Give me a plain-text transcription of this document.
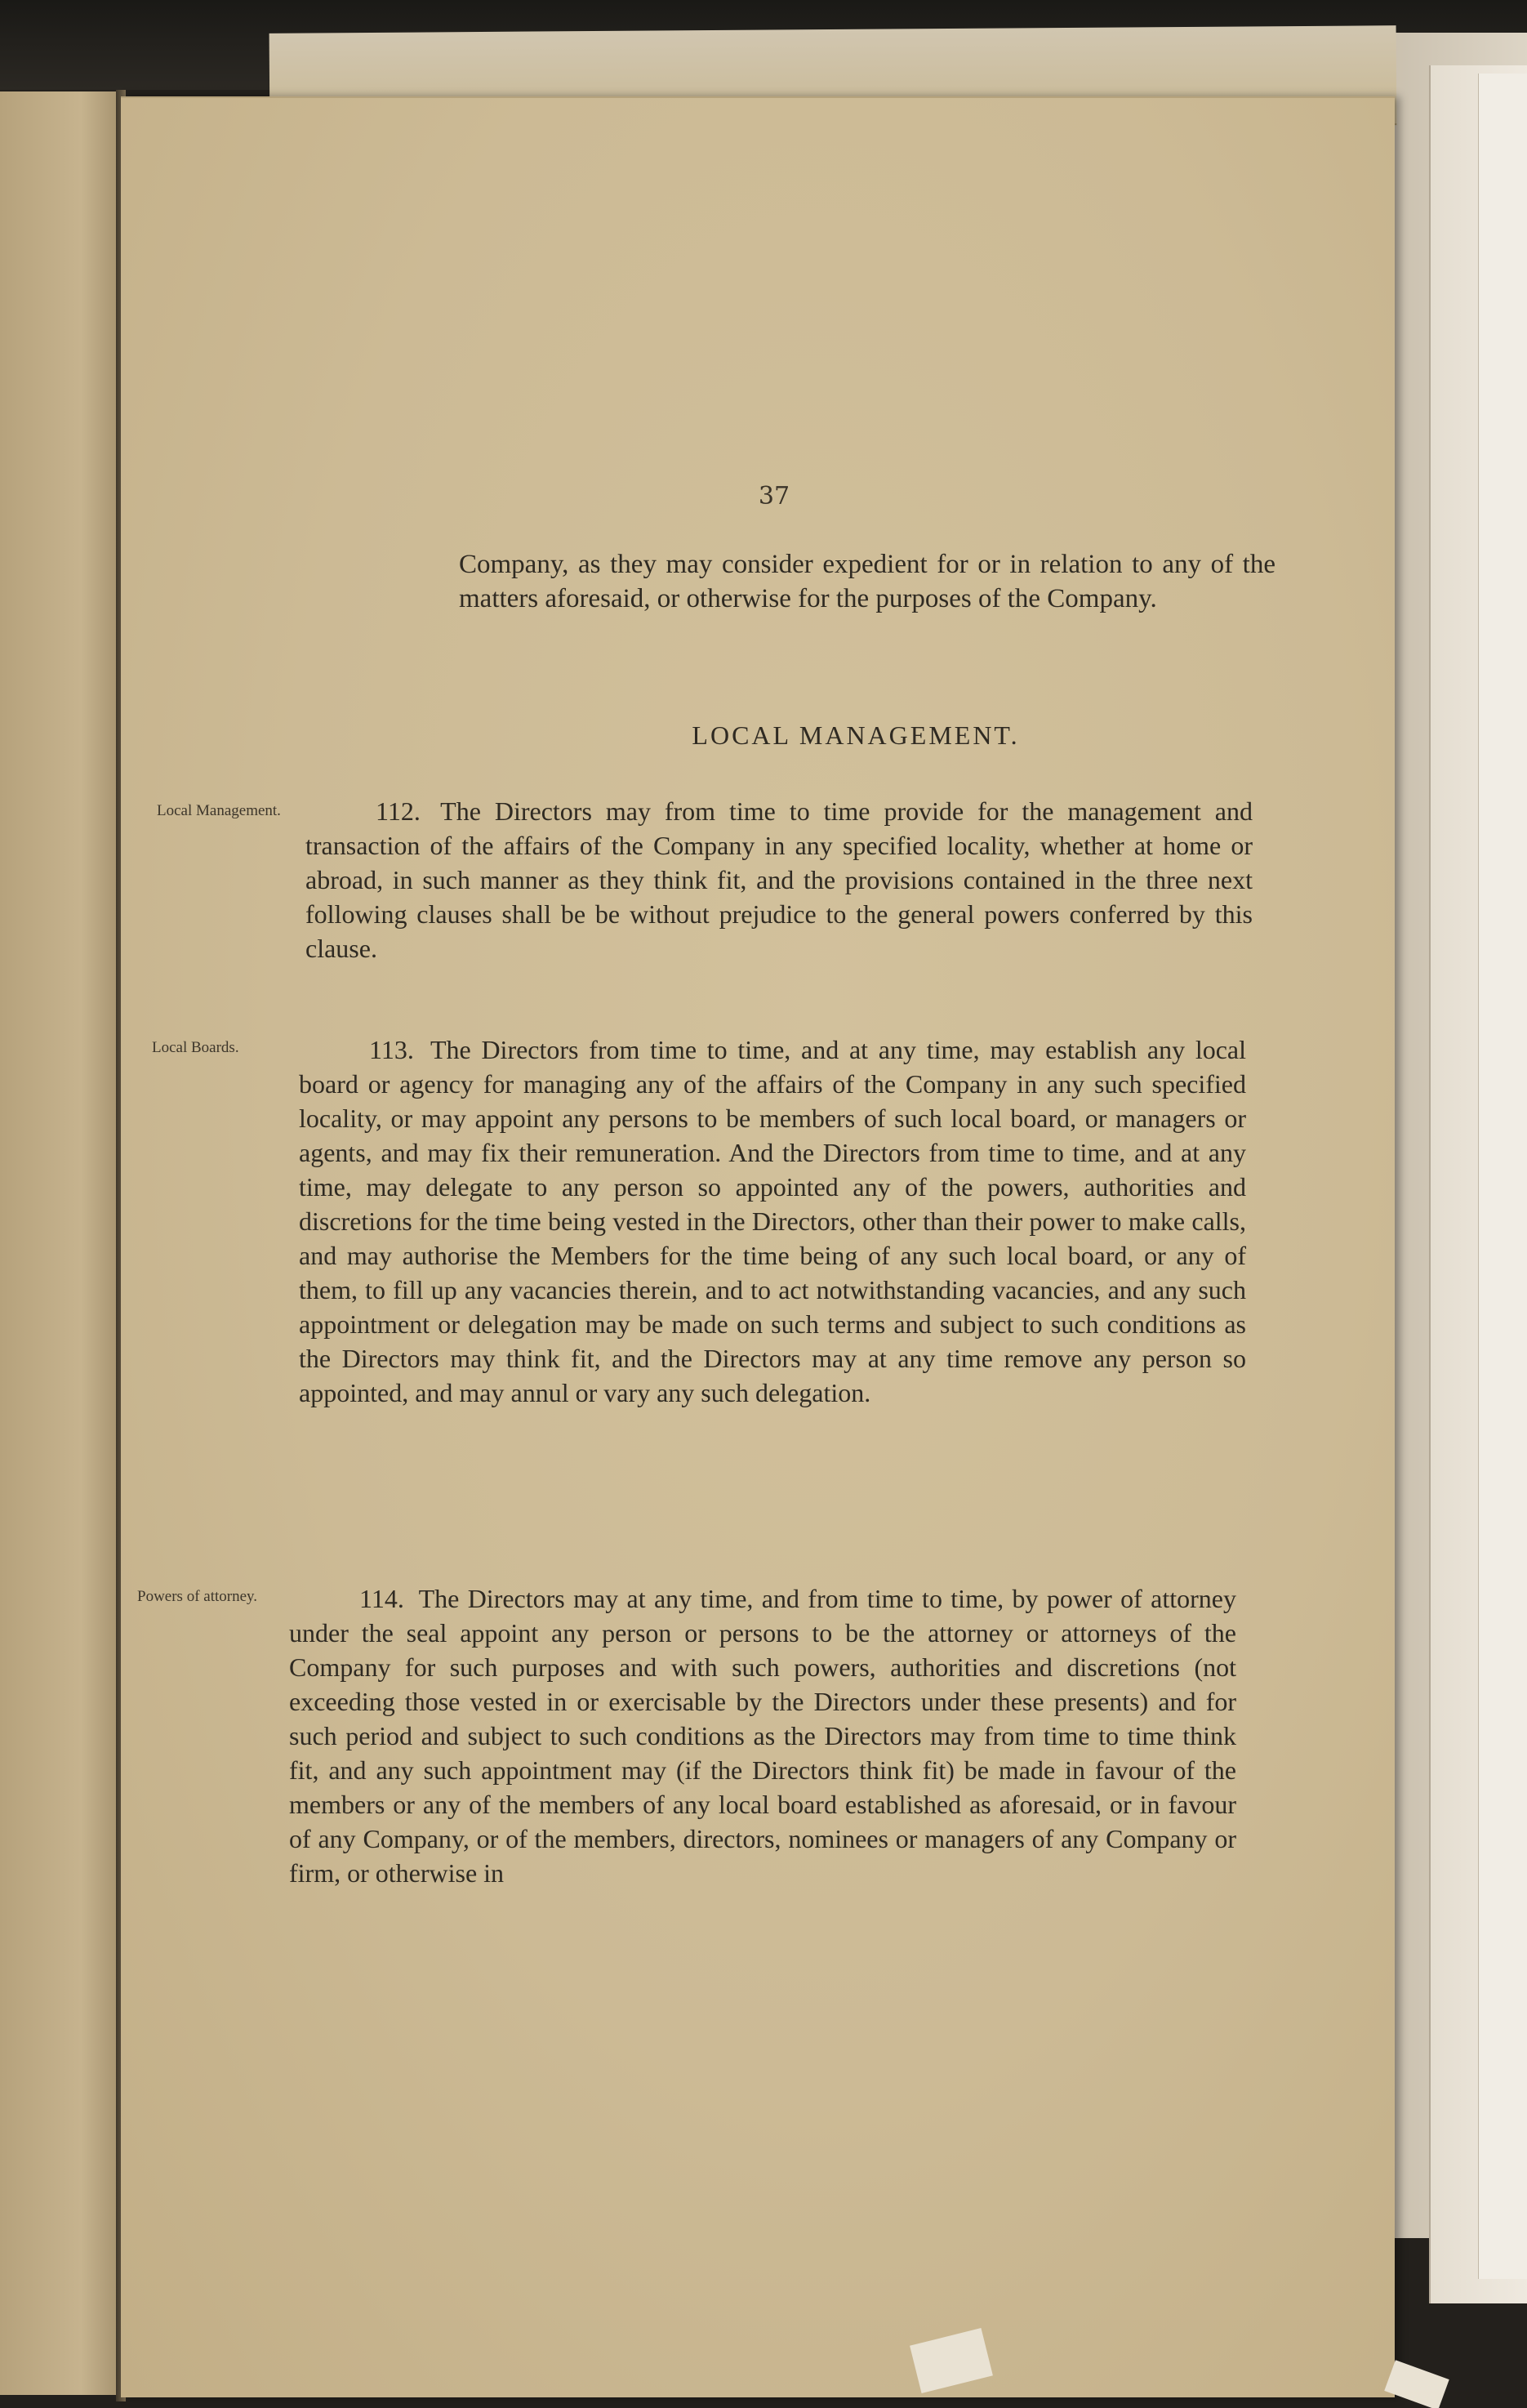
37
Company, as they may consider expedient for or in relation to any of the matters aforesaid, or otherwise for the purposes of the Company.
LOCAL MANAGEMENT.
Local Management.	112. The Directors may from time to time provide for the management and transaction of the affairs of the Company in any specified locality, whether at home or abroad, in such manner as they think fit, and the provisions contained in the three next following clauses shall be be without prejudice to the general powers conferred by this clause.
Local Boards.	113. The Directors from time to time, and at any time, may establish any local board or agency for managing any of the affairs of the Company in any such specified locality, or may appoint any persons to be members of such local board, or managers or agents, and may fix their remuneration. And the Directors from time to time, and at any time, may delegate to any person so appointed any of the powers, authorities and discretions for the time being vested in the Directors, other than their power to make calls, and may authorise the Members for the time being of any such local board, or any of them, to fill up any vacancies therein, and to act notwithstanding vacancies, and any such appointment or delegation may be made on such terms and subject to such conditions as the Directors may think fit, and the Directors may at any time remove any person so appointed, and may annul or vary any such delegation.
Powers of attorney.	114. The Directors may at any time, and from time to time, by power of attorney under the seal appoint any person or persons to be the attorney or attorneys of the Company for such purposes and with such powers, authorities and discretions (not exceeding those vested in or exercisable by the Directors under these presents) and for such period and subject to such conditions as the Directors may from time to time think fit, and any such appointment may (if the Directors think fit) be made in favour of the members or any of the members of any local board established as aforesaid, or in favour of any Company, or of the members, directors, nominees or managers of any Company or firm, or otherwise in
